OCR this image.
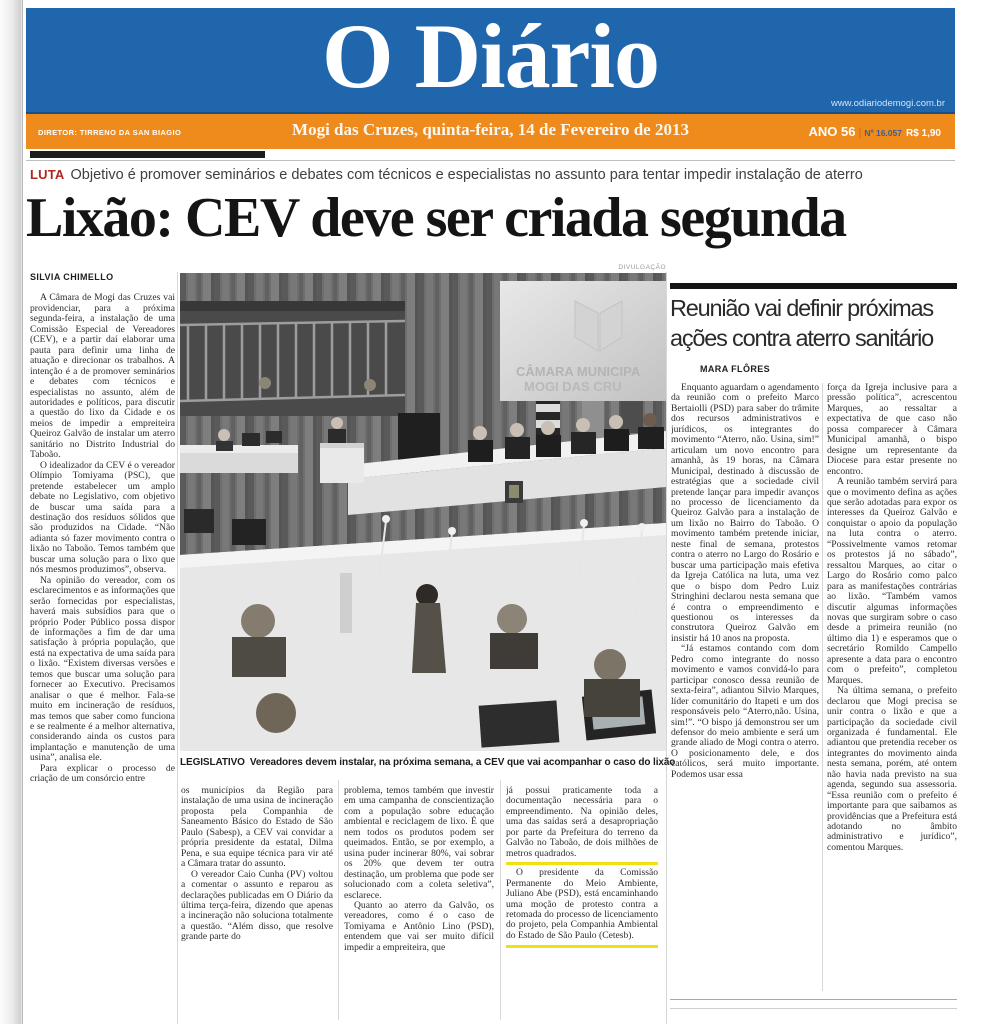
O Diário	www.odiariodemogi.com.br
DIRETOR: TIRRENO DA SAN BIAGIO	Mogi das Cruzes, quinta-feira, 14 de Fevereiro de 2013	ANO 56 | Nº 16.057 R$ 1,90
LUTA Objetivo é promover seminários e debates com técnicos e especialistas no assunto para tentar impedir instalação de aterro
Lixão: CEV deve ser criada segunda
SILVIA CHIMELLO

A Câmara de Mogi das Cruzes vai providenciar, para a próxima segunda-feira, a instalação de uma Comissão Especial de Vereadores (CEV), e a partir daí elaborar uma pauta para definir uma linha de atuação e direcionar os trabalhos. A intenção é a de promover seminários e debates com técnicos e especialistas no assunto, além de autoridades e políticos, para discutir a questão do lixo da Cidade e os meios de impedir a empreiteira Queiroz Galvão de instalar um aterro sanitário no Distrito Industrial do Taboão.

O idealizador da CEV é o vereador Olímpio Tomiyama (PSC), que pretende estabelecer um amplo debate no Legislativo, com objetivo de buscar uma saída para a destinação dos resíduos sólidos que são produzidos na Cidade. “Não adianta só fazer movimento contra o lixão no Taboão. Temos também que buscar uma solução para o lixo que nós mesmos produzimos”, observa.

Na opinião do vereador, com os esclarecimentos e as informações que serão fornecidas por especialistas, haverá mais subsídios para que o próprio Poder Público possa dispor de informações a fim de dar uma satisfação à própria população, que está na expectativa de uma saída para o lixão. “Existem diversas versões e temos que buscar uma solução para fornecer ao Executivo. Precisamos analisar o que é melhor. Fala-se muito em incineração de resíduos, mas temos que saber como funciona e se realmente é a melhor alternativa, considerando ainda os custos para implantação e manutenção de uma usina”, analisa ele.

Para explicar o processo de criação de um consórcio entre

DIVULGAÇÃO
CÂMARA MUNICIPA
MOGI DAS CRU
LEGISLATIVO Vereadores devem instalar, na próxima semana, a CEV que vai acompanhar o caso do lixão

os municípios da Região para instalação de uma usina de incineração proposta pela Companhia de Saneamento Básico do Estado de São Paulo (Sabesp), a CEV vai convidar a própria presidente da estatal, Dilma Pena, e sua equipe técnica para vir até a Câmara tratar do assunto.

O vereador Caio Cunha (PV) voltou a comentar o assunto e reparou as declarações publicadas em O Diário da última terça-feira, dizendo que apenas a incineração não soluciona totalmente a questão. “Além disso, que resolve grande parte do

problema, temos também que investir em uma campanha de conscientização com a população sobre educação ambiental e reciclagem de lixo. É que nem todos os produtos podem ser queimados. Então, se por exemplo, a usina puder incinerar 80%, vai sobrar os 20% que devem ter outra destinação, um problema que pode ser solucionado com a coleta seletiva”, esclarece.

Quanto ao aterro da Galvão, os vereadores, como é o caso de Tomiyama e Antônio Lino (PSD), entendem que vai ser muito difícil impedir a empreiteira, que

já possui praticamente toda a documentação necessária para o empreendimento. Na opinião deles, uma das saídas será a desapropriação por parte da Prefeitura do terreno da Galvão no Taboão, de dois milhões de metros quadrados.

O presidente da Comissão Permanente do Meio Ambiente, Juliano Abe (PSD), está encaminhando uma moção de protesto contra a retomada do processo de licenciamento do projeto, pela Companhia Ambiental do Estado de São Paulo (Cetesb).

Reunião vai definir próximas
ações contra aterro sanitário
MARA FLÔRES

Enquanto aguardam o agendamento da reunião com o prefeito Marco Bertaiolli (PSD) para saber do trâmite dos recursos administrativos e jurídicos, os integrantes do movimento “Aterro, não. Usina, sim!” articulam um novo encontro para amanhã, às 19 horas, na Câmara Municipal, destinado à discussão de estratégias que a sociedade civil pretende lançar para impedir avanços no processo de licenciamento da Queiroz Galvão para a instalação de um lixão no Bairro do Taboão. O movimento também pretende iniciar, neste final de semana, protestos contra o aterro no Largo do Rosário e buscar uma participação mais efetiva da Igreja Católica na luta, uma vez que o bispo dom Pedro Luiz Stringhini declarou nesta semana que é contra o empreendimento e questionou os interesses da construtora Queiroz Galvão em insistir há 10 anos na proposta.

“Já estamos contando com dom Pedro como integrante do nosso movimento e vamos convidá-lo para participar conosco dessa reunião de sexta-feira”, adiantou Silvio Marques, líder comunitário do Itapeti e um dos responsáveis pelo “Aterro,não. Usina, sim!”. “O bispo já demonstrou ser um defensor do meio ambiente e será um grande aliado de Mogi contra o aterro. O posicionamento dele, e dos católicos, será muito importante. Podemos usar essa

força da Igreja inclusive para a pressão política”, acrescentou Marques, ao ressaltar a expectativa de que caso não possa comparecer à Câmara Municipal amanhã, o bispo designe um representante da Diocese para estar presente no encontro.

A reunião também servirá para que o movimento defina as ações que serão adotadas para expor os interesses da Queiroz Galvão e conquistar o apoio da população na luta contra o aterro. “Possivelmente vamos retomar os protestos já no sábado”, ressaltou Marques, ao citar o Largo do Rosário como palco para as manifestações contrárias ao lixão. “Também vamos discutir algumas informações novas que surgiram sobre o caso desde a primeira reunião (no último dia 1) e esperamos que o secretário Romildo Campello apresente a data para o encontro com o prefeito”, completou Marques.

Na última semana, o prefeito declarou que Mogi precisa se unir contra o lixão e que a participação da sociedade civil organizada é fundamental. Ele adiantou que pretendia receber os integrantes do movimento ainda nesta semana, porém, até ontem não havia nada previsto na sua agenda, segundo sua assessoria. “Essa reunião com o prefeito é importante para que saibamos as providências que a Prefeitura está adotando no âmbito administrativo e jurídico”, comentou Marques.
